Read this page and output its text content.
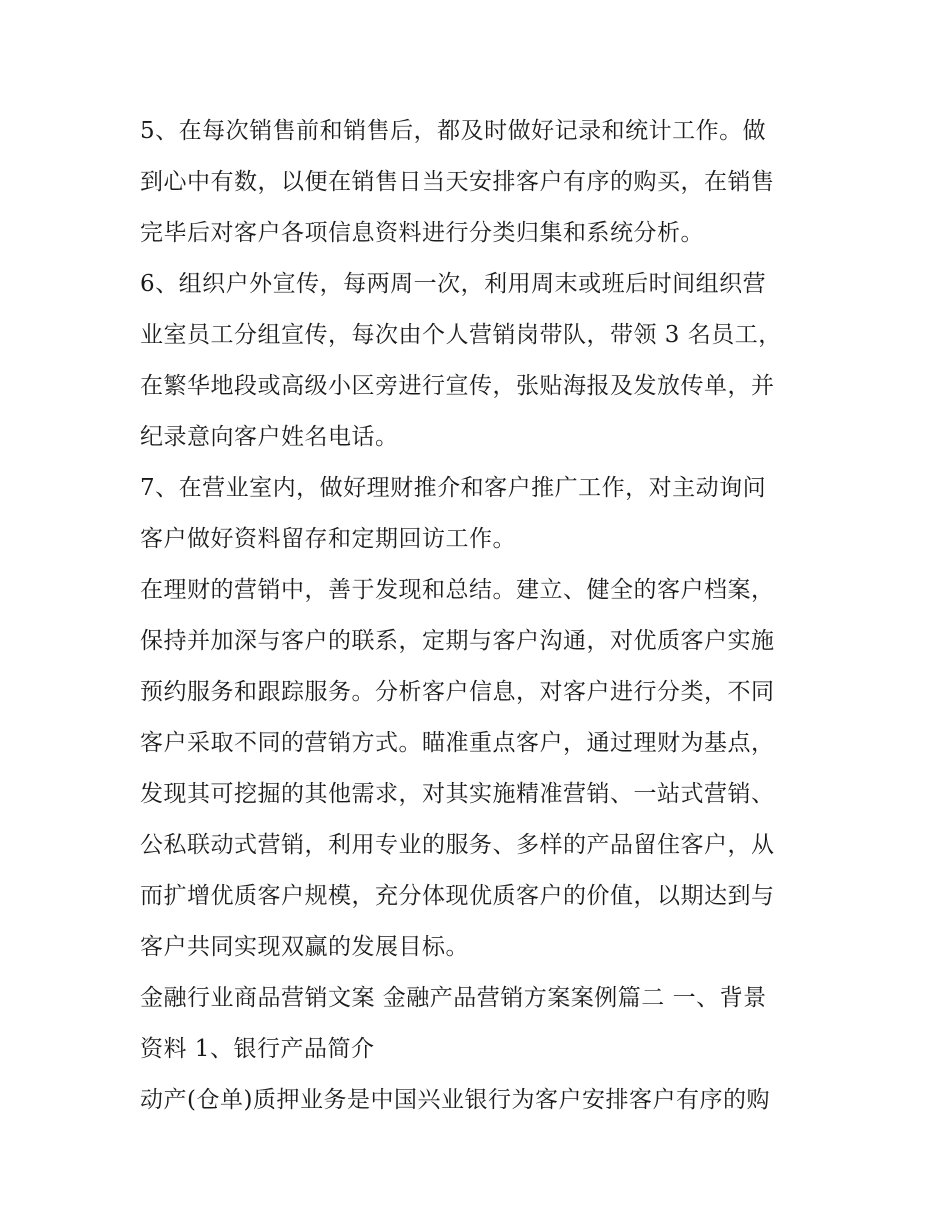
5、在每次销售前和销售后，都及时做好记录和统计工作。做
到心中有数，以便在销售日当天安排客户有序的购买，在销售
完毕后对客户各项信息资料进行分类归集和系统分析。
6、组织户外宣传，每两周一次，利用周末或班后时间组织营
业室员工分组宣传，每次由个人营销岗带队，带领 3 名员工，
在繁华地段或高级小区旁进行宣传，张贴海报及发放传单，并
纪录意向客户姓名电话。
7、在营业室内，做好理财推介和客户推广工作，对主动询问
客户做好资料留存和定期回访工作。
在理财的营销中，善于发现和总结。建立、健全的客户档案，
保持并加深与客户的联系，定期与客户沟通，对优质客户实施
预约服务和跟踪服务。分析客户信息，对客户进行分类，不同
客户采取不同的营销方式。瞄准重点客户，通过理财为基点，
发现其可挖掘的其他需求，对其实施精准营销、一站式营销、
公私联动式营销，利用专业的服务、多样的产品留住客户，从
而扩增优质客户规模，充分体现优质客户的价值，以期达到与
客户共同实现双赢的发展目标。
金融行业商品营销文案 金融产品营销方案案例篇二 一、背景
资料 1、银行产品简介
动产(仓单)质押业务是中国兴业银行为客户安排客户有序的购
